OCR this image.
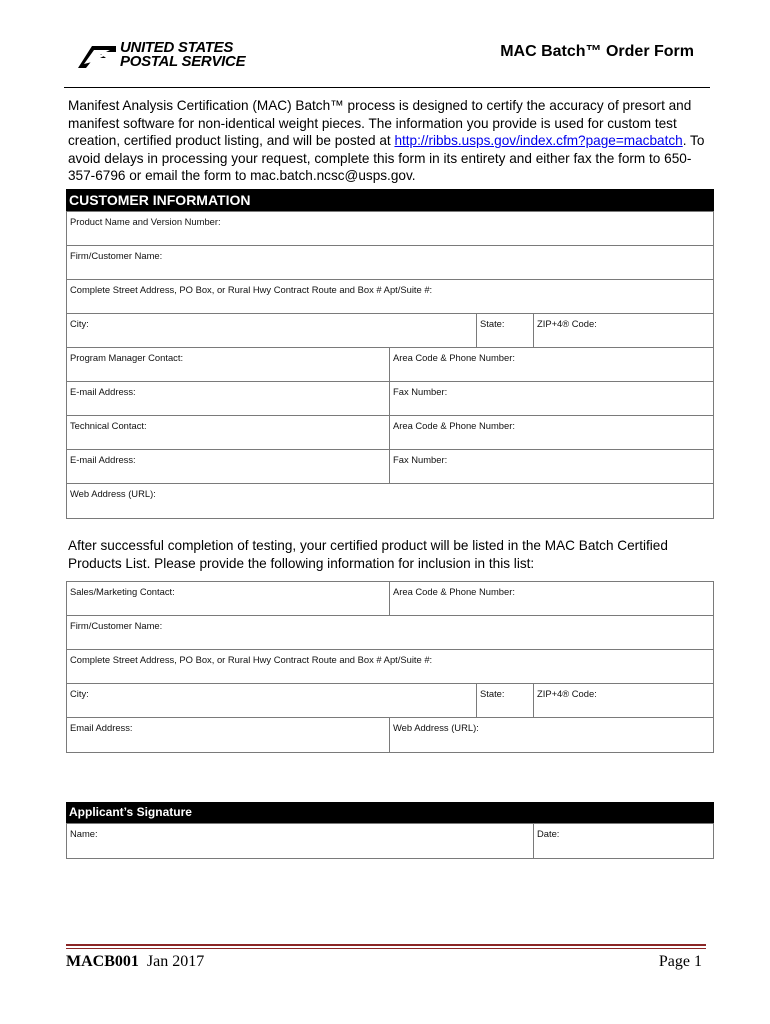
UNITED STATES
POSTAL SERVICE
MAC Batch™ Order Form
Manifest Analysis Certification (MAC) Batch™ process is designed to certify the accuracy of presort and manifest software for non-identical weight pieces. The information you provide is used for custom test creation, certified product listing, and will be posted at http://ribbs.usps.gov/index.cfm?page=macbatch. To avoid delays in processing your request, complete this form in its entirety and either fax the form to 650-357-6796 or email the form to mac.batch.ncsc@usps.gov.
CUSTOMER INFORMATION
Product Name and Version Number:
Firm/Customer Name:
Complete Street Address, PO Box, or Rural Hwy Contract Route and Box # Apt/Suite #:
City:	State:	ZIP+4® Code:
Program Manager Contact:	Area Code & Phone Number:
E-mail Address:	Fax Number:
Technical Contact:	Area Code & Phone Number:
E-mail Address:	Fax Number:
Web Address (URL):
After successful completion of testing, your certified product will be listed in the MAC Batch Certified Products List. Please provide the following information for inclusion in this list:
Sales/Marketing Contact:	Area Code & Phone Number:
Firm/Customer Name:
Complete Street Address, PO Box, or Rural Hwy Contract Route and Box # Apt/Suite #:
City:	State:	ZIP+4® Code:
Email Address:	Web Address (URL):
Applicant’s Signature
Name:	Date:
MACB001 Jan 2017	Page 1
